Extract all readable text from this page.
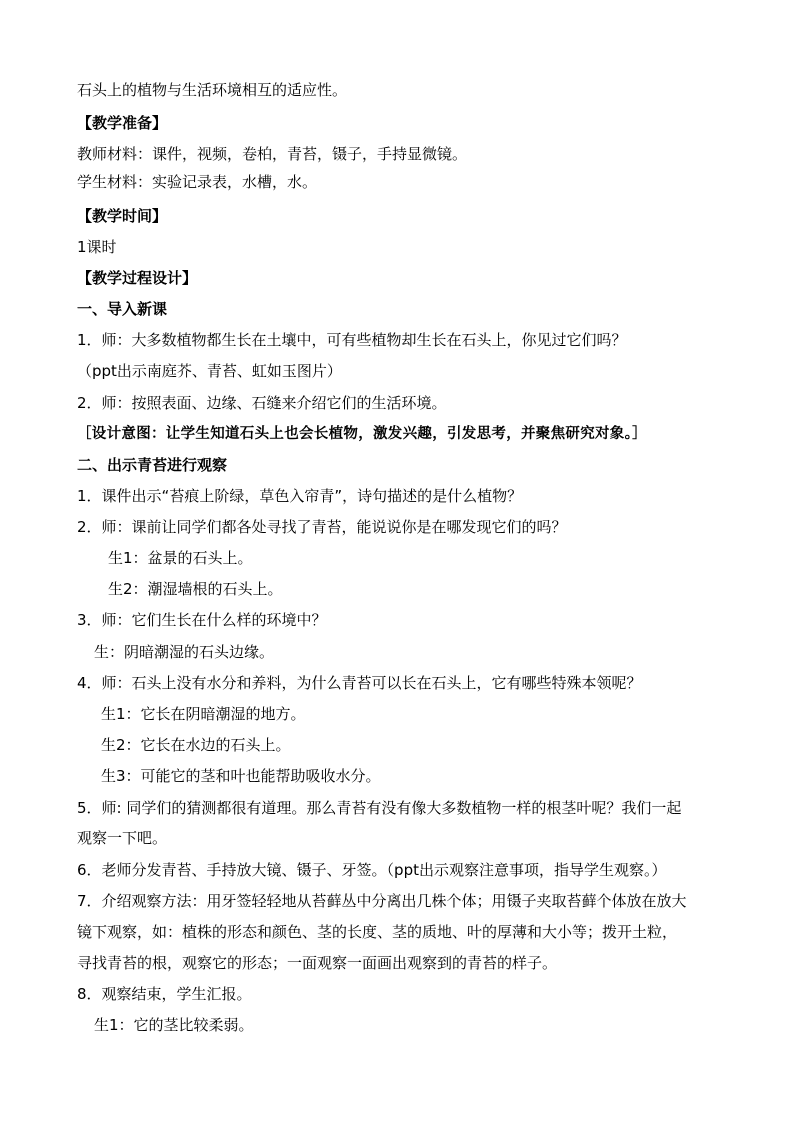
石头上的植物与生活环境相互的适应性。
【教学准备】
教师材料：课件，视频，卷柏，青苔，镊子，手持显微镜。
学生材料：实验记录表，水槽，水。
【教学时间】
1课时
【教学过程设计】
一、导入新课
1．师：大多数植物都生长在土壤中，可有些植物却生长在石头上，你见过它们吗？
（ppt出示南庭芥、青苔、虹如玉图片）
2．师：按照表面、边缘、石缝来介绍它们的生活环境。
［设计意图：让学生知道石头上也会长植物，激发兴趣，引发思考，并聚焦研究对象。］
二、出示青苔进行观察
1．课件出示“苔痕上阶绿，草色入帘青”，诗句描述的是什么植物？
2．师：课前让同学们都各处寻找了青苔，能说说你是在哪发现它们的吗？
生1：盆景的石头上。
生2：潮湿墙根的石头上。
3．师：它们生长在什么样的环境中？
生：阴暗潮湿的石头边缘。
4．师：石头上没有水分和养料，为什么青苔可以长在石头上，它有哪些特殊本领呢？
生1：它长在阴暗潮湿的地方。
生2：它长在水边的石头上。
生3：可能它的茎和叶也能帮助吸收水分。
5．师: 同学们的猜测都很有道理。那么青苔有没有像大多数植物一样的根茎叶呢？我们一起
观察一下吧。
6．老师分发青苔、手持放大镜、镊子、牙签。（ppt出示观察注意事项，指导学生观察。）
7．介绍观察方法：用牙签轻轻地从苔藓丛中分离出几株个体；用镊子夹取苔藓个体放在放大
镜下观察，如：植株的形态和颜色、茎的长度、茎的质地、叶的厚薄和大小等；拨开土粒，
寻找青苔的根，观察它的形态；一面观察一面画出观察到的青苔的样子。
8．观察结束，学生汇报。
生1：它的茎比较柔弱。
